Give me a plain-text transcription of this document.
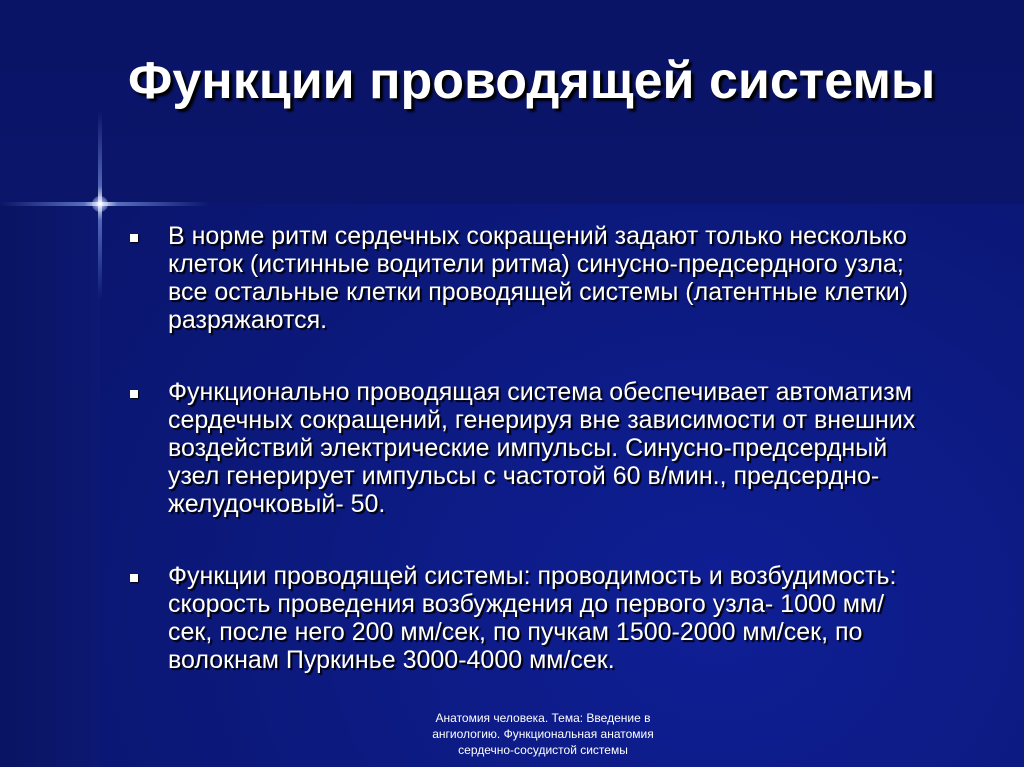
Функции проводящей системы
В норме ритм сердечных сокращений задают только несколько клеток (истинные водители ритма) синусно-предсердного узла; все остальные клетки проводящей системы (латентные клетки) разряжаются.
Функционально проводящая система обеспечивает автоматизм сердечных сокращений, генерируя вне зависимости от внешних воздействий электрические импульсы. Синусно-предсердный узел генерирует импульсы с частотой 60 в/мин., предсердно-желудочковый- 50.
Функции проводящей системы: проводимость и возбудимость: скорость проведения возбуждения до первого узла- 1000 мм/сек, после него 200 мм/сек, по пучкам 1500-2000 мм/сек, по волокнам Пуркинье 3000-4000 мм/сек.
Анатомия человека. Тема: Введение в
ангиологию. Функциональная анатомия
сердечно-сосудистой системы
